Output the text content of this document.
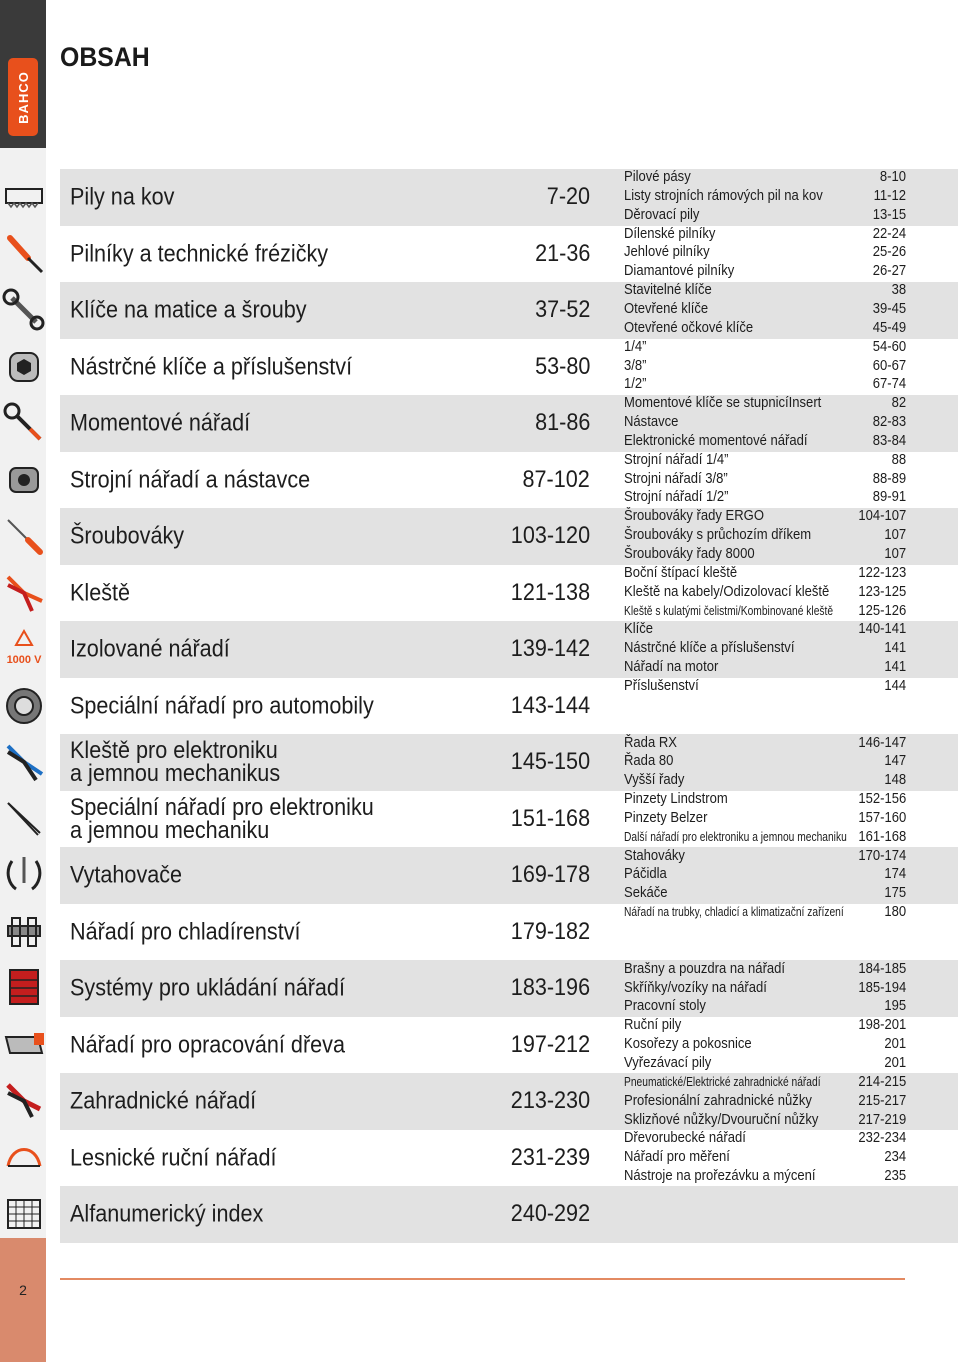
BAHCO
2
OBSAH
1000 V
Pily na kov	7-20
Pilníky a technické frézičky	21-36
Klíče na matice a šrouby	37-52
Nástrčné klíče a příslušenství	53-80
Momentové nářadí	81-86
Strojní nářadí a nástavce	87-102
Šroubováky	103-120
Kleště	121-138
Izolované nářadí	139-142
Speciální nářadí pro automobily	143-144
Kleště pro elektroniku
a jemnou mechanikus	145-150
Speciální nářadí pro elektroniku
a jemnou mechaniku	151-168
Vytahovače	169-178
Nářadí pro chladírenství	179-182
Systémy pro ukládání nářadí	183-196
Nářadí pro opracování dřeva	197-212
Zahradnické nářadí	213-230
Lesnické ruční nářadí	231-239
Alfanumerický index	240-292
Pilové pásy	8-10
Listy strojních rámových pil na kov	11-12
Děrovací pily	13-15
Dílenské pilníky	22-24
Jehlové pilníky	25-26
Diamantové pilníky	26-27
Stavitelné klíče	38
Otevřené klíče	39-45
Otevřené očkové klíče	45-49
1/4”	54-60
3/8”	60-67
1/2”	67-74
Momentové klíče se stupnicíInsert	82
Nástavce	82-83
Elektronické momentové nářadí	83-84
Strojní nářadí 1/4”	88
Strojni nářadí 3/8”	88-89
Strojní nářadí 1/2”	89-91
Šroubováky řady ERGO	104-107
Šroubováky s průchozím dříkem	107
Šroubováky řady 8000	107
Boční štípací kleště	122-123
Kleště na kabely/Odizolovací kleště 123-125
Kleště s kulatými čelistmi/Kombinované kleště 125-126
Klíče	140-141
Nástrčné klíče a příslušenství	141
Nářadí na motor	141
Příslušenství	144
Řada RX	146-147
Řada 80	147
Vyšší řady	148
Pinzety Lindstrom	152-156
Pinzety Belzer	157-160
Další nářadí pro elektroniku a jemnou mechaniku 161-168
Stahováky	170-174
Páčidla	174
Sekáče	175
Nářadí na trubky, chladicí a klimatizační zařízení	180
Brašny a pouzdra na nářadí	184-185
Skříňky/vozíky na nářadí	185-194
Pracovní stoly	195
Ruční pily	198-201
Kosořezy a pokosnice	201
Vyřezávací pily	201
Pneumatické/Elektrické zahradnické nářadí	214-215
Profesionální zahradnické nůžky	215-217
Sklizňové nůžky/Dvouruční nůžky	217-219
Dřevorubecké nářadí	232-234
Nářadí pro měření	234
Nástroje na prořezávku a mýcení	235
